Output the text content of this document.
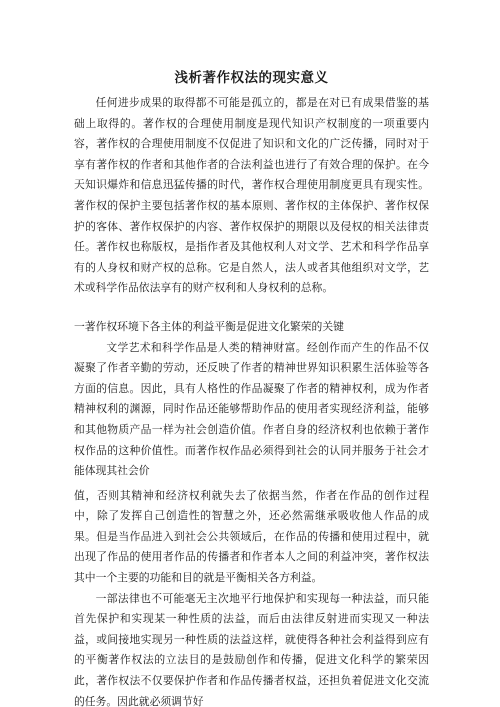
浅析著作权法的现实意义

任何进步成果的取得都不可能是孤立的，都是在对已有成果借鉴的基础上取得的。著作权的合理使用制度是现代知识产权制度的一项重要内容，著作权的合理使用制度不仅促进了知识和文化的广泛传播，同时对于享有著作权的作者和其他作者的合法利益也进行了有效合理的保护。在今天知识爆炸和信息迅猛传播的时代，著作权合理使用制度更具有现实性。著作权的保护主要包括著作权的基本原则、著作权的主体保护、著作权保护的客体、著作权保护的内容、著作权保护的期限以及侵权的相关法律责任。著作权也称版权，是指作者及其他权利人对文学、艺术和科学作品享有的人身权和财产权的总称。它是自然人，法人或者其他组织对文学，艺术或科学作品依法享有的财产权利和人身权利的总称。

一著作权环境下各主体的利益平衡是促进文化繁荣的关键

文学艺术和科学作品是人类的精神财富。经创作而产生的作品不仅凝聚了作者辛勤的劳动，还反映了作者的精神世界知识积累生活体验等各方面的信息。因此，具有人格性的作品凝聚了作者的精神权利，成为作者精神权利的渊源，同时作品还能够帮助作品的使用者实现经济利益，能够和其他物质产品一样为社会创造价值。作者自身的经济权利也依赖于著作权作品的这种价值性。而著作权作品必须得到社会的认同并服务于社会才能体现其社会价

值，否则其精神和经济权利就失去了依据当然，作者在作品的创作过程中，除了发挥自己创造性的智慧之外，还必然需继承吸收他人作品的成果。但是当作品进入到社会公共领域后，在作品的传播和使用过程中，就出现了作品的使用者作品的传播者和作者本人之间的利益冲突，著作权法其中一个主要的功能和目的就是平衡相关各方利益。

一部法律也不可能毫无主次地平行地保护和实现每一种法益，而只能首先保护和实现某一种性质的法益，而后由法律反射进而实现又一种法益，或间接地实现另一种性质的法益这样，就使得各种社会利益得到应有的平衡著作权法的立法目的是鼓励创作和传播，促进文化科学的繁荣因此，著作权法不仅要保护作者和作品传播者权益，还担负着促进文化交流的任务。因此就必须调节好
